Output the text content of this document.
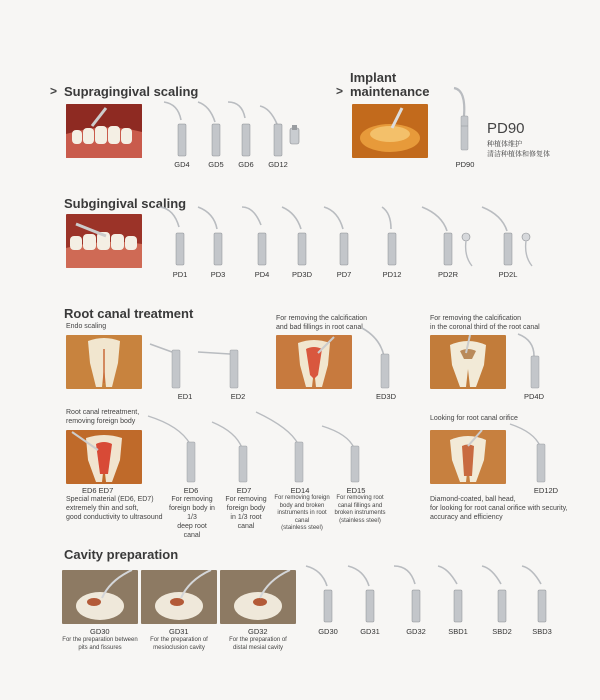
> Supragingival scaling
GD4	GD5	GD6	GD12
>
Implant
maintenance
PD90
PD90
种植体维护
清洁种植体和修复体
Subgingival scaling
PD1	PD3	PD4	PD3D	PD7	PD12	PD2R	PD2L
Root canal treatment
Endo scaling
ED1	ED2
For removing the calcification
and bad fillings in root canal
ED3D
For removing the calcification
in the coronal third of the root canal
PD4D
Root canal retreatment,
removing foreign body
ED6 ED7
Special material (ED6, ED7)
extremely thin and soft,
good conductivity to ultrasound
ED6
For removing
foreign body in 1/3
deep root canal
ED7
For removing
foreign body
in 1/3 root canal
ED14
For removing foreign
body and broken
instruments in root canal
(stainless steel)
ED15
For removing root
canal fillings and
broken instruments
(stainless steel)
Looking for root canal orifice
ED12D
Diamond-coated, ball head,
for looking for root canal orifice with security,
accuracy and efficiency
Cavity preparation
GD30
For the preparation between
pits and fissures
GD31
For the preparation of
mesioclusion cavity
GD32
For the preparation of
distal mesial cavity
GD30	GD31	GD32	SBD1	SBD2	SBD3
